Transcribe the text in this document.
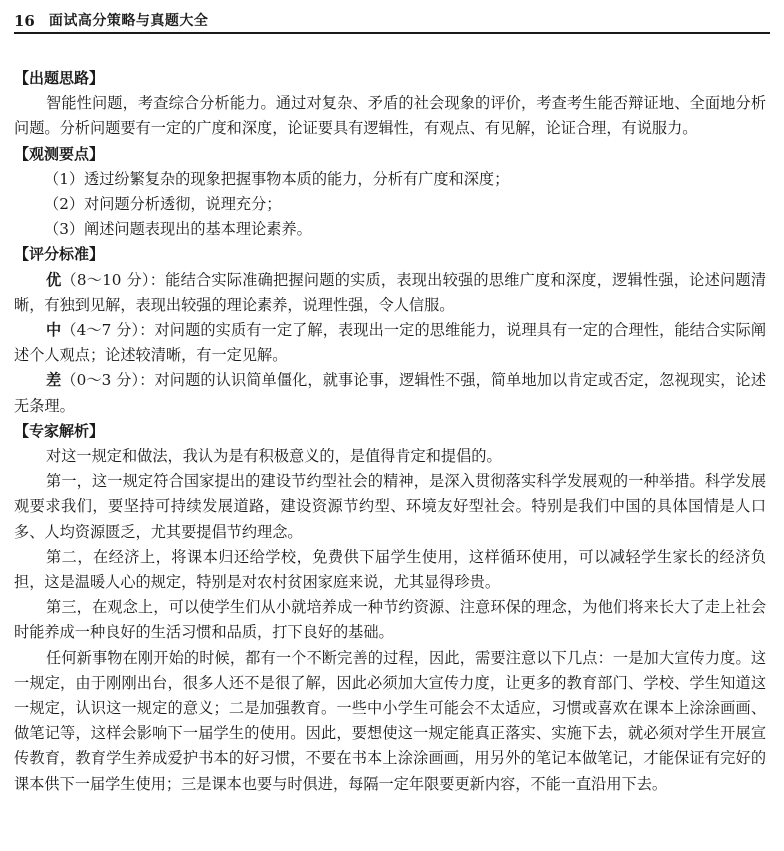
16 面试高分策略与真题大全

【出题思路】

智能性问题，考查综合分析能力。通过对复杂、矛盾的社会现象的评价，考查考生能否辩证地、全面地分析问题。分析问题要有一定的广度和深度，论证要具有逻辑性，有观点、有见解，论证合理，有说服力。

【观测要点】

（1）透过纷繁复杂的现象把握事物本质的能力，分析有广度和深度；

（2）对问题分析透彻，说理充分；

（3）阐述问题表现出的基本理论素养。

【评分标准】

优（8～10 分）：能结合实际准确把握问题的实质，表现出较强的思维广度和深度，逻辑性强，论述问题清晰，有独到见解，表现出较强的理论素养，说理性强，令人信服。

中（4～7 分）：对问题的实质有一定了解，表现出一定的思维能力，说理具有一定的合理性，能结合实际阐述个人观点；论述较清晰，有一定见解。

差（0～3 分）：对问题的认识简单僵化，就事论事，逻辑性不强，简单地加以肯定或否定，忽视现实，论述无条理。

【专家解析】

对这一规定和做法，我认为是有积极意义的，是值得肯定和提倡的。

第一，这一规定符合国家提出的建设节约型社会的精神，是深入贯彻落实科学发展观的一种举措。科学发展观要求我们，要坚持可持续发展道路，建设资源节约型、环境友好型社会。特别是我们中国的具体国情是人口多、人均资源匮乏，尤其要提倡节约理念。

第二，在经济上，将课本归还给学校，免费供下届学生使用，这样循环使用，可以减轻学生家长的经济负担，这是温暖人心的规定，特别是对农村贫困家庭来说，尤其显得珍贵。

第三，在观念上，可以使学生们从小就培养成一种节约资源、注意环保的理念，为他们将来长大了走上社会时能养成一种良好的生活习惯和品质，打下良好的基础。

任何新事物在刚开始的时候，都有一个不断完善的过程，因此，需要注意以下几点：一是加大宣传力度。这一规定，由于刚刚出台，很多人还不是很了解，因此必须加大宣传力度，让更多的教育部门、学校、学生知道这一规定，认识这一规定的意义；二是加强教育。一些中小学生可能会不太适应，习惯或喜欢在课本上涂涂画画、做笔记等，这样会影响下一届学生的使用。因此，要想使这一规定能真正落实、实施下去，就必须对学生开展宣传教育，教育学生养成爱护书本的好习惯，不要在书本上涂涂画画，用另外的笔记本做笔记，才能保证有完好的课本供下一届学生使用；三是课本也要与时俱进，每隔一定年限要更新内容，不能一直沿用下去。
